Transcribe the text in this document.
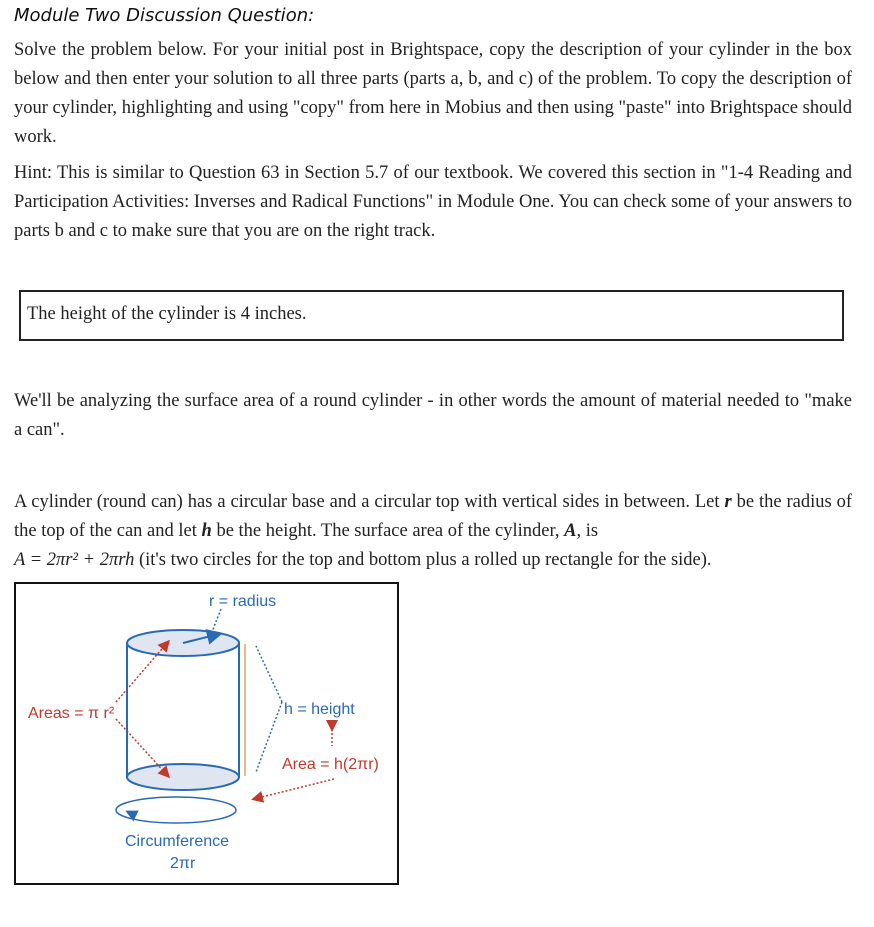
Module Two Discussion Question:

Solve the problem below. For your initial post in Brightspace, copy the description of your cylinder in the box below and then enter your solution to all three parts (parts a, b, and c) of the problem. To copy the description of your cylinder, highlighting and using "copy" from here in Mobius and then using "paste" into Brightspace should work.

Hint: This is similar to Question 63 in Section 5.7 of our textbook. We covered this section in "1-4 Reading and Participation Activities: Inverses and Radical Functions" in Module One. You can check some of your answers to parts b and c to make sure that you are on the right track.

The height of the cylinder is 4 inches.

We'll be analyzing the surface area of a round cylinder - in other words the amount of material needed to "make a can".

A cylinder (round can) has a circular base and a circular top with vertical sides in between. Let r be the radius of the top of the can and let h be the height. The surface area of the cylinder, A, is
A = 2πr² + 2πrh (it's two circles for the top and bottom plus a rolled up rectangle for the side).

r = radius
h = height
Areas = π r²
Area = h(2πr)
Circumference
2πr
